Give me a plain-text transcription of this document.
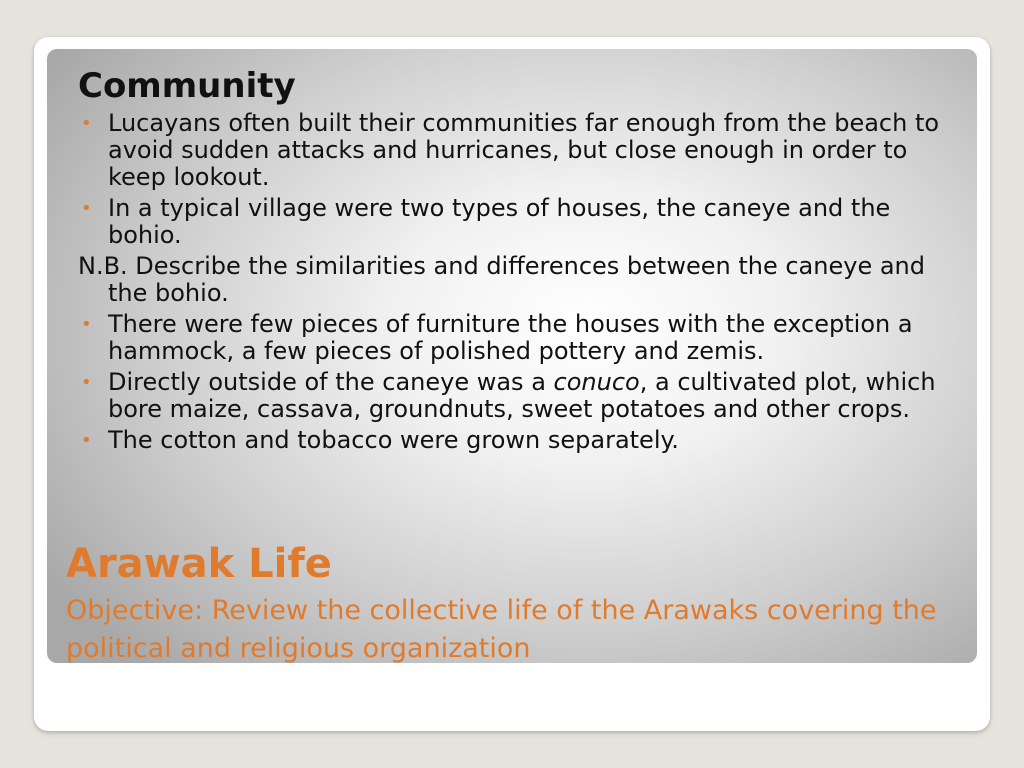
Community
• Lucayans often built their communities far enough from the beach to avoid sudden attacks and hurricanes, but close enough in order to keep lookout.
• In a typical village were two types of houses, the caneye and the bohio.
N.B. Describe the similarities and differences between the caneye and the bohio.
• There were few pieces of furniture the houses with the exception a hammock, a few pieces of polished pottery and zemis.
• Directly outside of the caneye was a conuco, a cultivated plot, which bore maize, cassava, groundnuts, sweet potatoes and other crops.
• The cotton and tobacco were grown separately.
Arawak Life

Objective: Review the collective life of the Arawaks covering the political and religious organization
